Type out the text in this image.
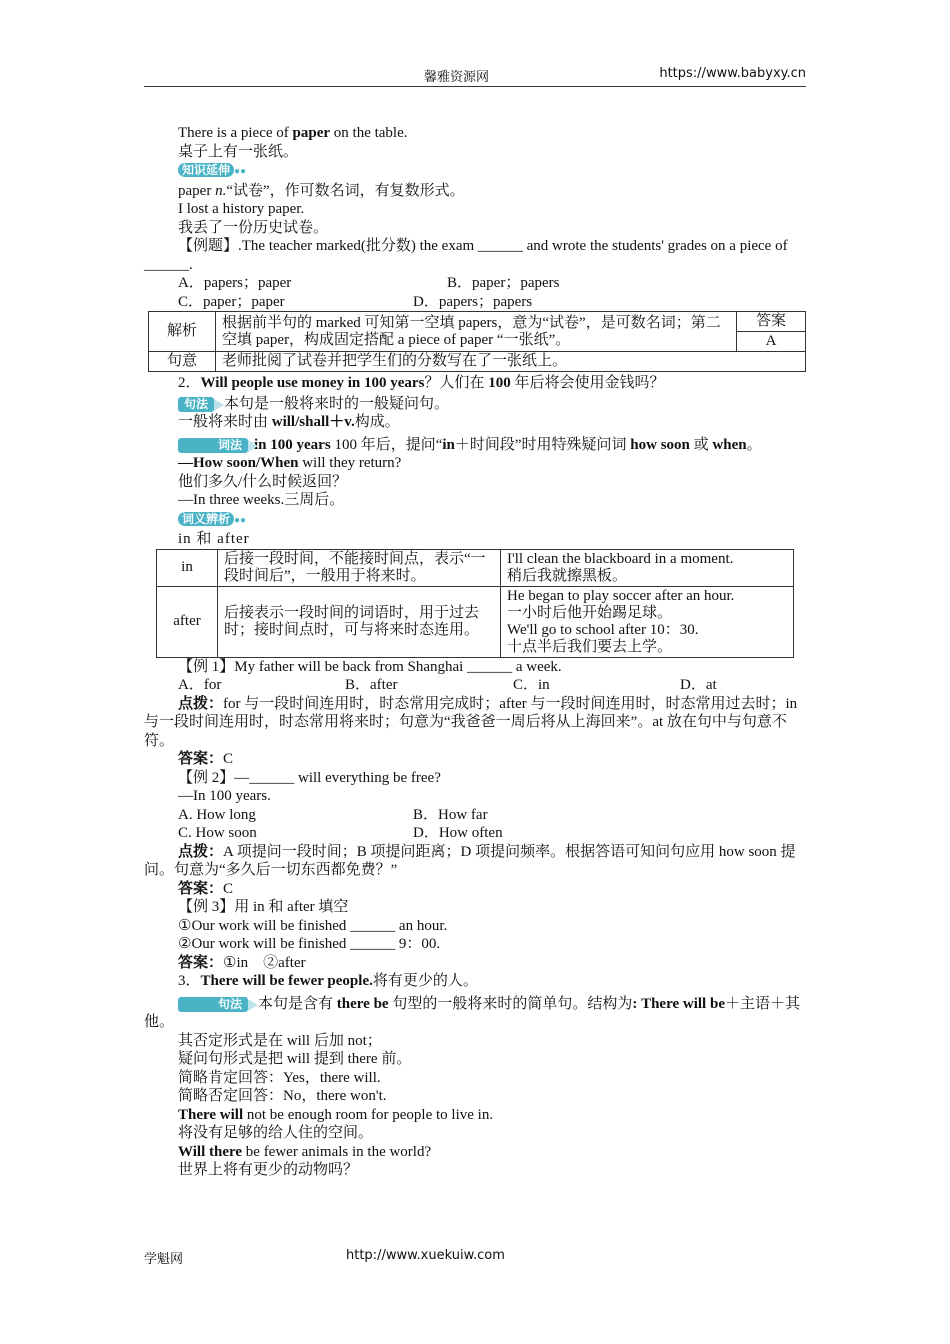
馨雅资源网	https://www.babyxy.cn
There is a piece of paper on the table.
桌子上有一张纸。
知识延伸 ●●
paper n.“试卷”，作可数名词，有复数形式。
I lost a history paper.
我丢了一份历史试卷。
【例题】.The teacher marked(批分数) the exam ______ and wrote the students' grades on a piece of ______.
A．papers；paper	B．paper；papers
C．paper；paper	D．papers；papers
解析	根据前半句的 marked 可知第一空填 papers，意为“试卷”，是可数名词；第二空填 paper，构成固定搭配 a piece of paper “一张纸”。	答案
		A
句意	老师批阅了试卷并把学生们的分数写在了一张纸上。	
2．Will people use money in 100 years？人们在 100 年后将会使用金钱吗？
句法 本句是一般将来时的一般疑问句。
一般将来时由 will/shall＋v.构成。
词法 in 100 years 100 年后，提问“in＋时间段”时用特殊疑问词 how soon 或 when。
—How soon/When will they return?
他们多久/什么时候返回？
—In three weeks.三周后。
词义辨析 ●●
in 和 after
in	后接一段时间，不能接时间点，表示“一段时间后”，一般用于将来时。	I'll clean the blackboard in a moment.
稍后我就擦黑板。

after	后接表示一段时间的词语时，用于过去时；接时间点时，可与将来时态连用。	He began to play soccer after an hour.
一小时后他开始踢足球。
We'll go to school after 10：30.
十点半后我们要去上学。
【例 1】My father will be back from Shanghai ______ a week.
A．for	B．after	C．in	D．at
点拨：for 与一段时间连用时，时态常用完成时；after 与一段时间连用时，时态常用过去时；in 与一段时间连用时，时态常用将来时；句意为“我爸爸一周后将从上海回来”。at 放在句中与句意不符。
答案：C
【例 2】—______ will everything be free?
—In 100 years.
A. How long	B．How far
C. How soon	D．How often
点拨：A 项提问一段时间；B 项提问距离；D 项提问频率。根据答语可知问句应用 how soon 提问。句意为“多久后一切东西都免费？”
答案：C
【例 3】用 in 和 after 填空
①Our work will be finished ______ an hour.
②Our work will be finished ______ 9：00.
答案：①in　②after
3．There will be fewer people.将有更少的人。
句法 本句是含有 there be 句型的一般将来时的简单句。结构为: There will be＋主语＋其他。
其否定形式是在 will 后加 not；
疑问句形式是把 will 提到 there 前。
简略肯定回答：Yes，there will.
简略否定回答：No，there won't.
There will not be enough room for people to live in.
将没有足够的给人住的空间。
Will there be fewer animals in the world?
世界上将有更少的动物吗？
学魁网	http://www.xuekuiw.com
